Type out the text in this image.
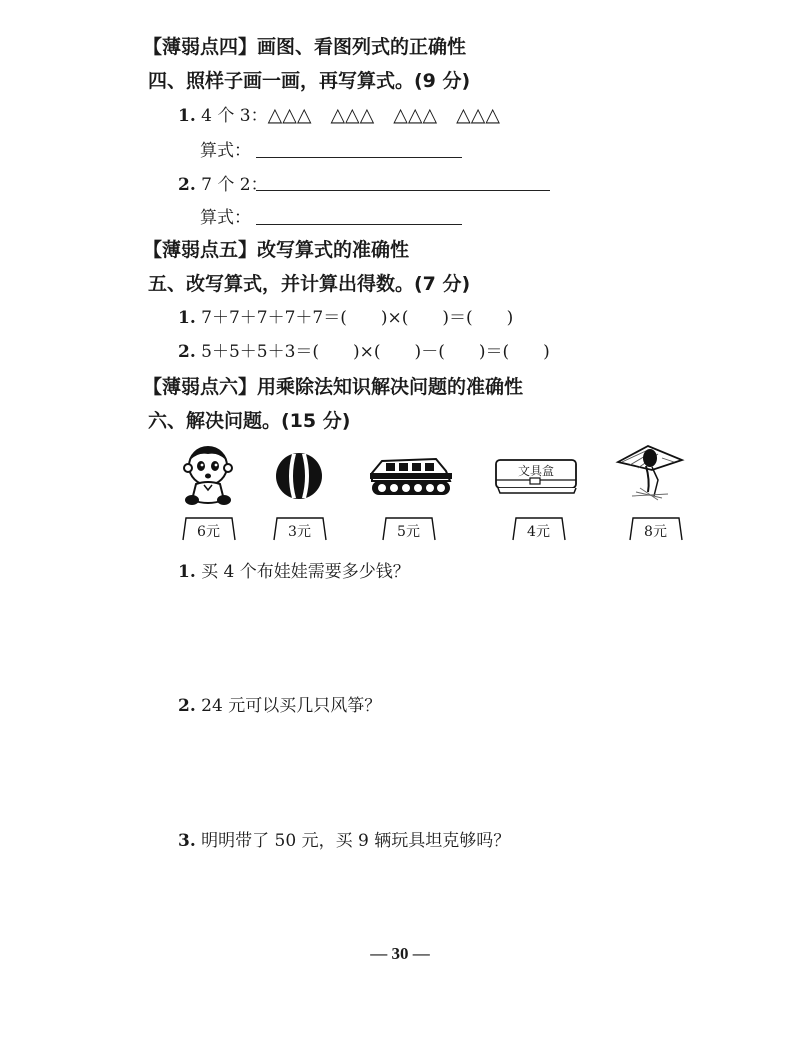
【薄弱点四】画图、看图列式的正确性
四、照样子画一画，再写算式。(9 分)
1. 4 个 3：△△△　△△△　△△△　△△△
算式：
2. 7 个 2：
算式：
【薄弱点五】改写算式的准确性
五、改写算式，并计算出得数。(7 分)
1. 7＋7＋7＋7＋7＝(　　)×(　　)＝(　　)
2. 5＋5＋5＋3＝(　　)×(　　)－(　　)＝(　　)
【薄弱点六】用乘除法知识解决问题的准确性
六、解决问题。(15 分)
文具盒
6元	3元	5元	4元	8元
1. 买 4 个布娃娃需要多少钱？
2. 24 元可以买几只风筝？
3. 明明带了 50 元，买 9 辆玩具坦克够吗？
— 30 —
